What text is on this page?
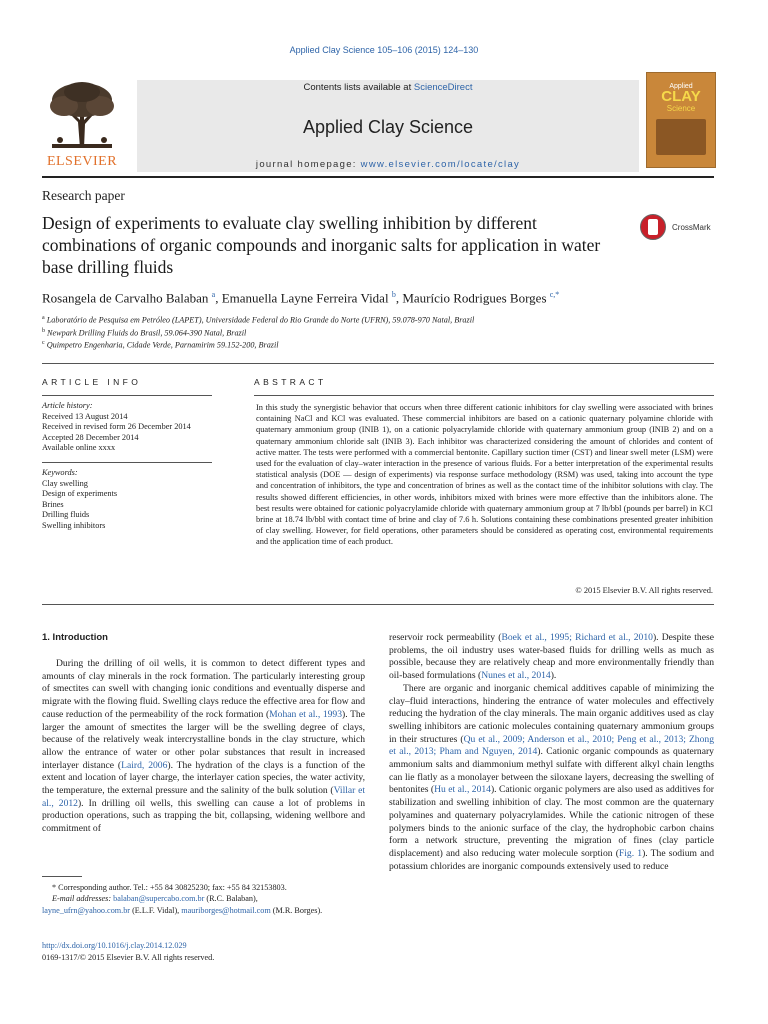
Applied Clay Science 105–106 (2015) 124–130
ELSEVIER
Contents lists available at ScienceDirect
Applied Clay Science
journal homepage: www.elsevier.com/locate/clay
Applied
CLAY
Science
Research paper
Design of experiments to evaluate clay swelling inhibition by different combinations of organic compounds and inorganic salts for application in water base drilling fluids
CrossMark
Rosangela de Carvalho Balaban $^a$, Emanuella Layne Ferreira Vidal $^b$, Maurício Rodrigues Borges $^{c,*}$
$^a$ Laboratório de Pesquisa em Petróleo (LAPET), Universidade Federal do Rio Grande do Norte (UFRN), 59.078-970 Natal, Brazil
$^b$ Newpark Drilling Fluids do Brasil, 59.064-390 Natal, Brazil
$^c$ Quimpetro Engenharia, Cidade Verde, Parnamirim 59.152-200, Brazil
ARTICLE INFO
Article history:
Received 13 August 2014
Received in revised form 26 December 2014
Accepted 28 December 2014
Available online xxxx
Keywords:
Clay swelling
Design of experiments
Brines
Drilling fluids
Swelling inhibitors
ABSTRACT
In this study the synergistic behavior that occurs when three different cationic inhibitors for clay swelling were associated with brines containing NaCl and KCl was evaluated. These commercial inhibitors are based on a cationic quaternary polyamine chloride with quaternary ammonium group (INIB 1), on a cationic polyacrylamide chloride with quaternary ammonium group (INIB 2) and on a quaternary ammonium chloride salt (INIB 3). Each inhibitor was characterized considering the amount of chlorides and content of active matter. The tests were performed with a commercial bentonite. Capillary suction timer (CST) and linear swell meter (LSM) were used for the evaluation of clay–water interaction in the presence of various fluids. For a better interpretation of the experimental results statistical analysis (DOE — design of experiments) via response surface methodology (RSM) was used, taking into account the type and concentration of inhibitors, the type and concentration of brines as well as the contact time of the inhibitor solutions with clay. The results showed different efficiencies, in other words, inhibitors mixed with brines were more effective than the inhibitors alone. The best results were obtained for cationic polyacrylamide chloride with quaternary ammonium group at 7 lb/bbl (pounds per barrel) in KCl brine at 18.74 lb/bbl with contact time of brine and clay of 7.6 h. Solutions containing these combinations presented greater inhibition of clay swelling. However, for field operations, other parameters should be considered as operating cost, environmental requirements and the application time of each product.
© 2015 Elsevier B.V. All rights reserved.
1. Introduction

During the drilling of oil wells, it is common to detect different types and amounts of clay minerals in the rock formation. The particularly interesting group of smectites can swell with changing ionic conditions and eventually disperse and migrate with the flowing fluid. Swelling clays reduce the effective area for flow and cause reduction of the permeability of the rock formation (Mohan et al., 1993). The larger the amount of smectites the larger will be the swelling degree of clays, because of the relatively weak intercrystalline bonds in the clay structure, which allow the entrance of water or other polar substances that result in increased interlayer distance (Laird, 2006). The hydration of the clays is a function of the extent and location of layer charge, the interlayer cation species, the water activity, the temperature, the external pressure and the salinity of the bulk solution (Villar et al., 2012). In drilling oil wells, this swelling can cause a lot of problems in production operations, such as trapping the bit, collapsing, widening wellbore and commitment of

reservoir rock permeability (Boek et al., 1995; Richard et al., 2010). Despite these problems, the oil industry uses water-based fluids for drilling wells as much as possible, because they are relatively cheap and more environmentally friendly than oil-based formulations (Nunes et al., 2014).

There are organic and inorganic chemical additives capable of minimizing the clay–fluid interactions, hindering the entrance of water molecules and effectively reducing the hydration of the clay minerals. The main organic additives used as clay swelling inhibitors are cationic molecules containing quaternary ammonium groups in their structures (Qu et al., 2009; Anderson et al., 2010; Peng et al., 2013; Zhong et al., 2013; Pham and Nguyen, 2014). Cationic organic compounds as quaternary ammonium salts and diammonium methyl sulfate with different alkyl chain lengths can lie flatly as a monolayer between the siloxane layers, decreasing the swelling of bentonites (Hu et al., 2014). Cationic organic polymers are also used as additives for stabilization and swelling inhibition of clay. The most common are the quaternary polyamines and quaternary polyacrylamides. While the cationic nitrogen of these polymers binds to the anionic surface of the clay, the hydrophobic carbon chains form a network structure, preventing the migration of fines (clay particle displacement) and also reducing water molecule sorption (Fig. 1). The sodium and potassium chlorides are inorganic compounds extensively used to reduce

* Corresponding author. Tel.: +55 84 30825230; fax: +55 84 32153803.
E-mail addresses: balaban@supercabo.com.br (R.C. Balaban),
layne_ufrn@yahoo.com.br (E.L.F. Vidal), mauriborges@hotmail.com (M.R. Borges).
http://dx.doi.org/10.1016/j.clay.2014.12.029
0169-1317/© 2015 Elsevier B.V. All rights reserved.
